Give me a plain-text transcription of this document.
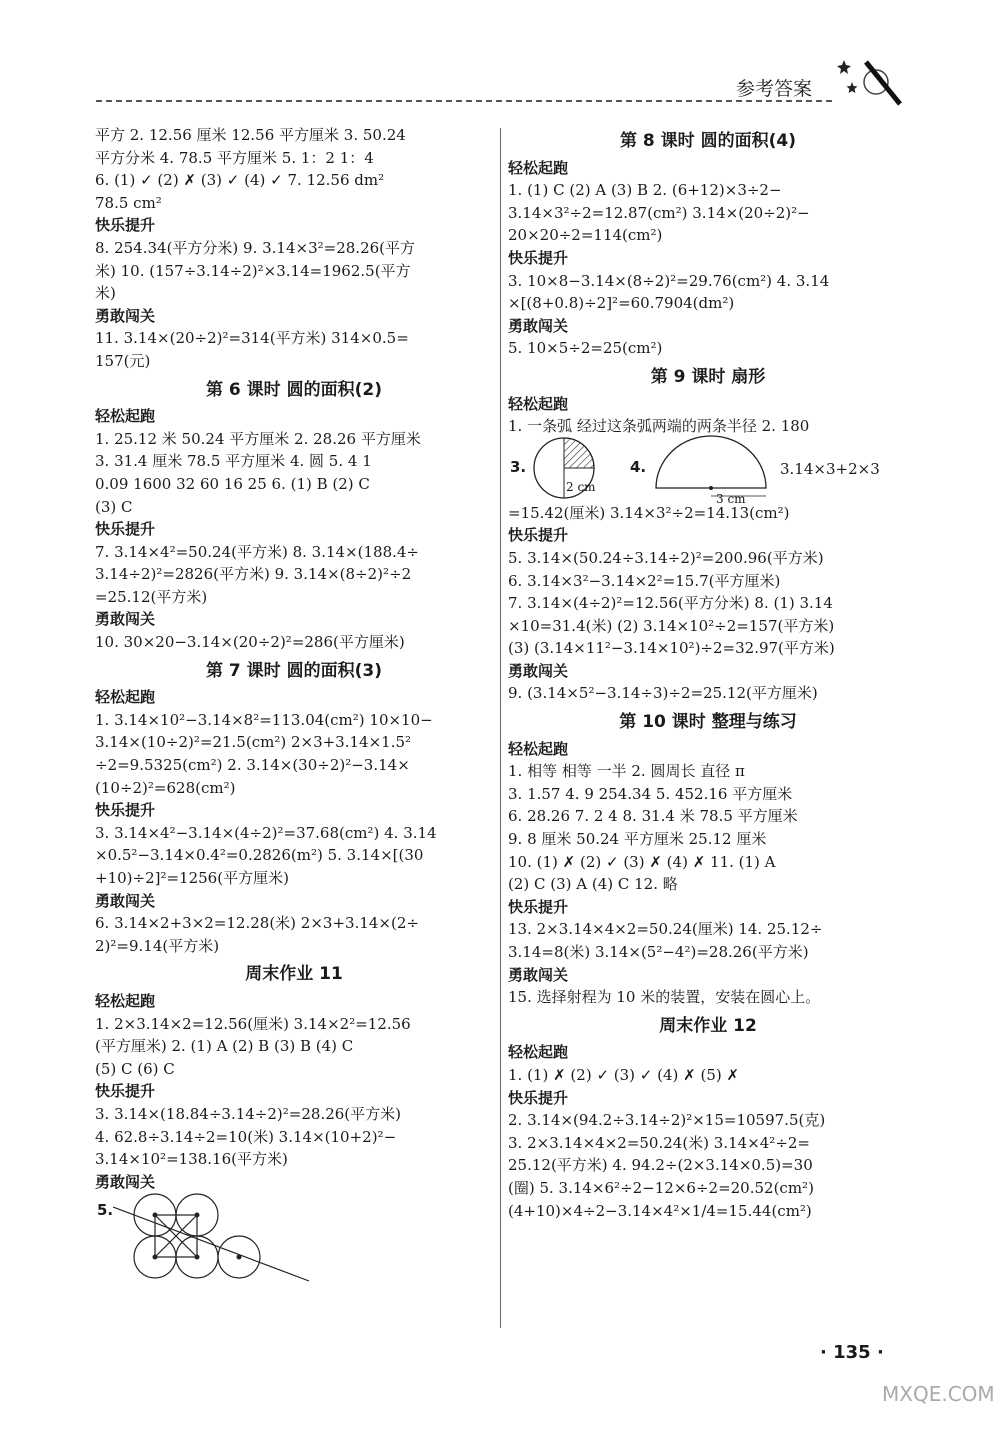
参考答案
平方 2. 12.56 厘米 12.56 平方厘米 3. 50.24
平方分米 4. 78.5 平方厘米 5. 1：2 1：4
6. (1) ✓ (2) ✗ (3) ✓ (4) ✓ 7. 12.56 dm²
78.5 cm²
快乐提升
8. 254.34(平方分米) 9. 3.14×3²=28.26(平方
米) 10. (157÷3.14÷2)²×3.14=1962.5(平方
米)
勇敢闯关
11. 3.14×(20÷2)²=314(平方米) 314×0.5=
157(元)
第 6 课时 圆的面积(2)
轻松起跑
1. 25.12 米 50.24 平方厘米 2. 28.26 平方厘米
3. 31.4 厘米 78.5 平方厘米 4. 圆 5. 4 1
0.09 1600 32 60 16 25 6. (1) B (2) C
(3) C
快乐提升
7. 3.14×4²=50.24(平方米) 8. 3.14×(188.4÷
3.14÷2)²=2826(平方米) 9. 3.14×(8÷2)²÷2
=25.12(平方米)
勇敢闯关
10. 30×20−3.14×(20÷2)²=286(平方厘米)
第 7 课时 圆的面积(3)
轻松起跑
1. 3.14×10²−3.14×8²=113.04(cm²) 10×10−
3.14×(10÷2)²=21.5(cm²) 2×3+3.14×1.5²
÷2=9.5325(cm²) 2. 3.14×(30÷2)²−3.14×
(10÷2)²=628(cm²)
快乐提升
3. 3.14×4²−3.14×(4÷2)²=37.68(cm²) 4. 3.14
×0.5²−3.14×0.4²=0.2826(m²) 5. 3.14×[(30
+10)÷2]²=1256(平方厘米)
勇敢闯关
6. 3.14×2+3×2=12.28(米) 2×3+3.14×(2÷
2)²=9.14(平方米)
周末作业 11
轻松起跑
1. 2×3.14×2=12.56(厘米) 3.14×2²=12.56
(平方厘米) 2. (1) A (2) B (3) B (4) C
(5) C (6) C
快乐提升
3. 3.14×(18.84÷3.14÷2)²=28.26(平方米)
4. 62.8÷3.14÷2=10(米) 3.14×(10+2)²−
3.14×10²=138.16(平方米)
勇敢闯关
5.
第 8 课时 圆的面积(4)
轻松起跑
1. (1) C (2) A (3) B 2. (6+12)×3÷2−
3.14×3²÷2=12.87(cm²) 3.14×(20÷2)²−
20×20÷2=114(cm²)
快乐提升
3. 10×8−3.14×(8÷2)²=29.76(cm²) 4. 3.14
×[(8+0.8)÷2]²=60.7904(dm²)
勇敢闯关
5. 10×5÷2=25(cm²)
第 9 课时 扇形
轻松起跑
1. 一条弧 经过这条弧两端的两条半径 2. 180
3.
2 cm
4.
3 cm
3.14×3+2×3
=15.42(厘米) 3.14×3²÷2=14.13(cm²)
快乐提升
5. 3.14×(50.24÷3.14÷2)²=200.96(平方米)
6. 3.14×3²−3.14×2²=15.7(平方厘米)
7. 3.14×(4÷2)²=12.56(平方分米) 8. (1) 3.14
×10=31.4(米) (2) 3.14×10²÷2=157(平方米)
(3) (3.14×11²−3.14×10²)÷2=32.97(平方米)
勇敢闯关
9. (3.14×5²−3.14÷3)÷2=25.12(平方厘米)
第 10 课时 整理与练习
轻松起跑
1. 相等 相等 一半 2. 圆周长 直径 π
3. 1.57 4. 9 254.34 5. 452.16 平方厘米
6. 28.26 7. 2 4 8. 31.4 米 78.5 平方厘米
9. 8 厘米 50.24 平方厘米 25.12 厘米
10. (1) ✗ (2) ✓ (3) ✗ (4) ✗ 11. (1) A
(2) C (3) A (4) C 12. 略
快乐提升
13. 2×3.14×4×2=50.24(厘米) 14. 25.12÷
3.14=8(米) 3.14×(5²−4²)=28.26(平方米)
勇敢闯关
15. 选择射程为 10 米的装置，安装在圆心上。
周末作业 12
轻松起跑
1. (1) ✗ (2) ✓ (3) ✓ (4) ✗ (5) ✗
快乐提升
2. 3.14×(94.2÷3.14÷2)²×15=10597.5(克)
3. 2×3.14×4×2=50.24(米) 3.14×4²÷2=
25.12(平方米) 4. 94.2÷(2×3.14×0.5)=30
(圈) 5. 3.14×6²÷2−12×6÷2=20.52(cm²)
(4+10)×4÷2−3.14×4²×1/4=15.44(cm²)
· 135 ·
MXQE.COM
